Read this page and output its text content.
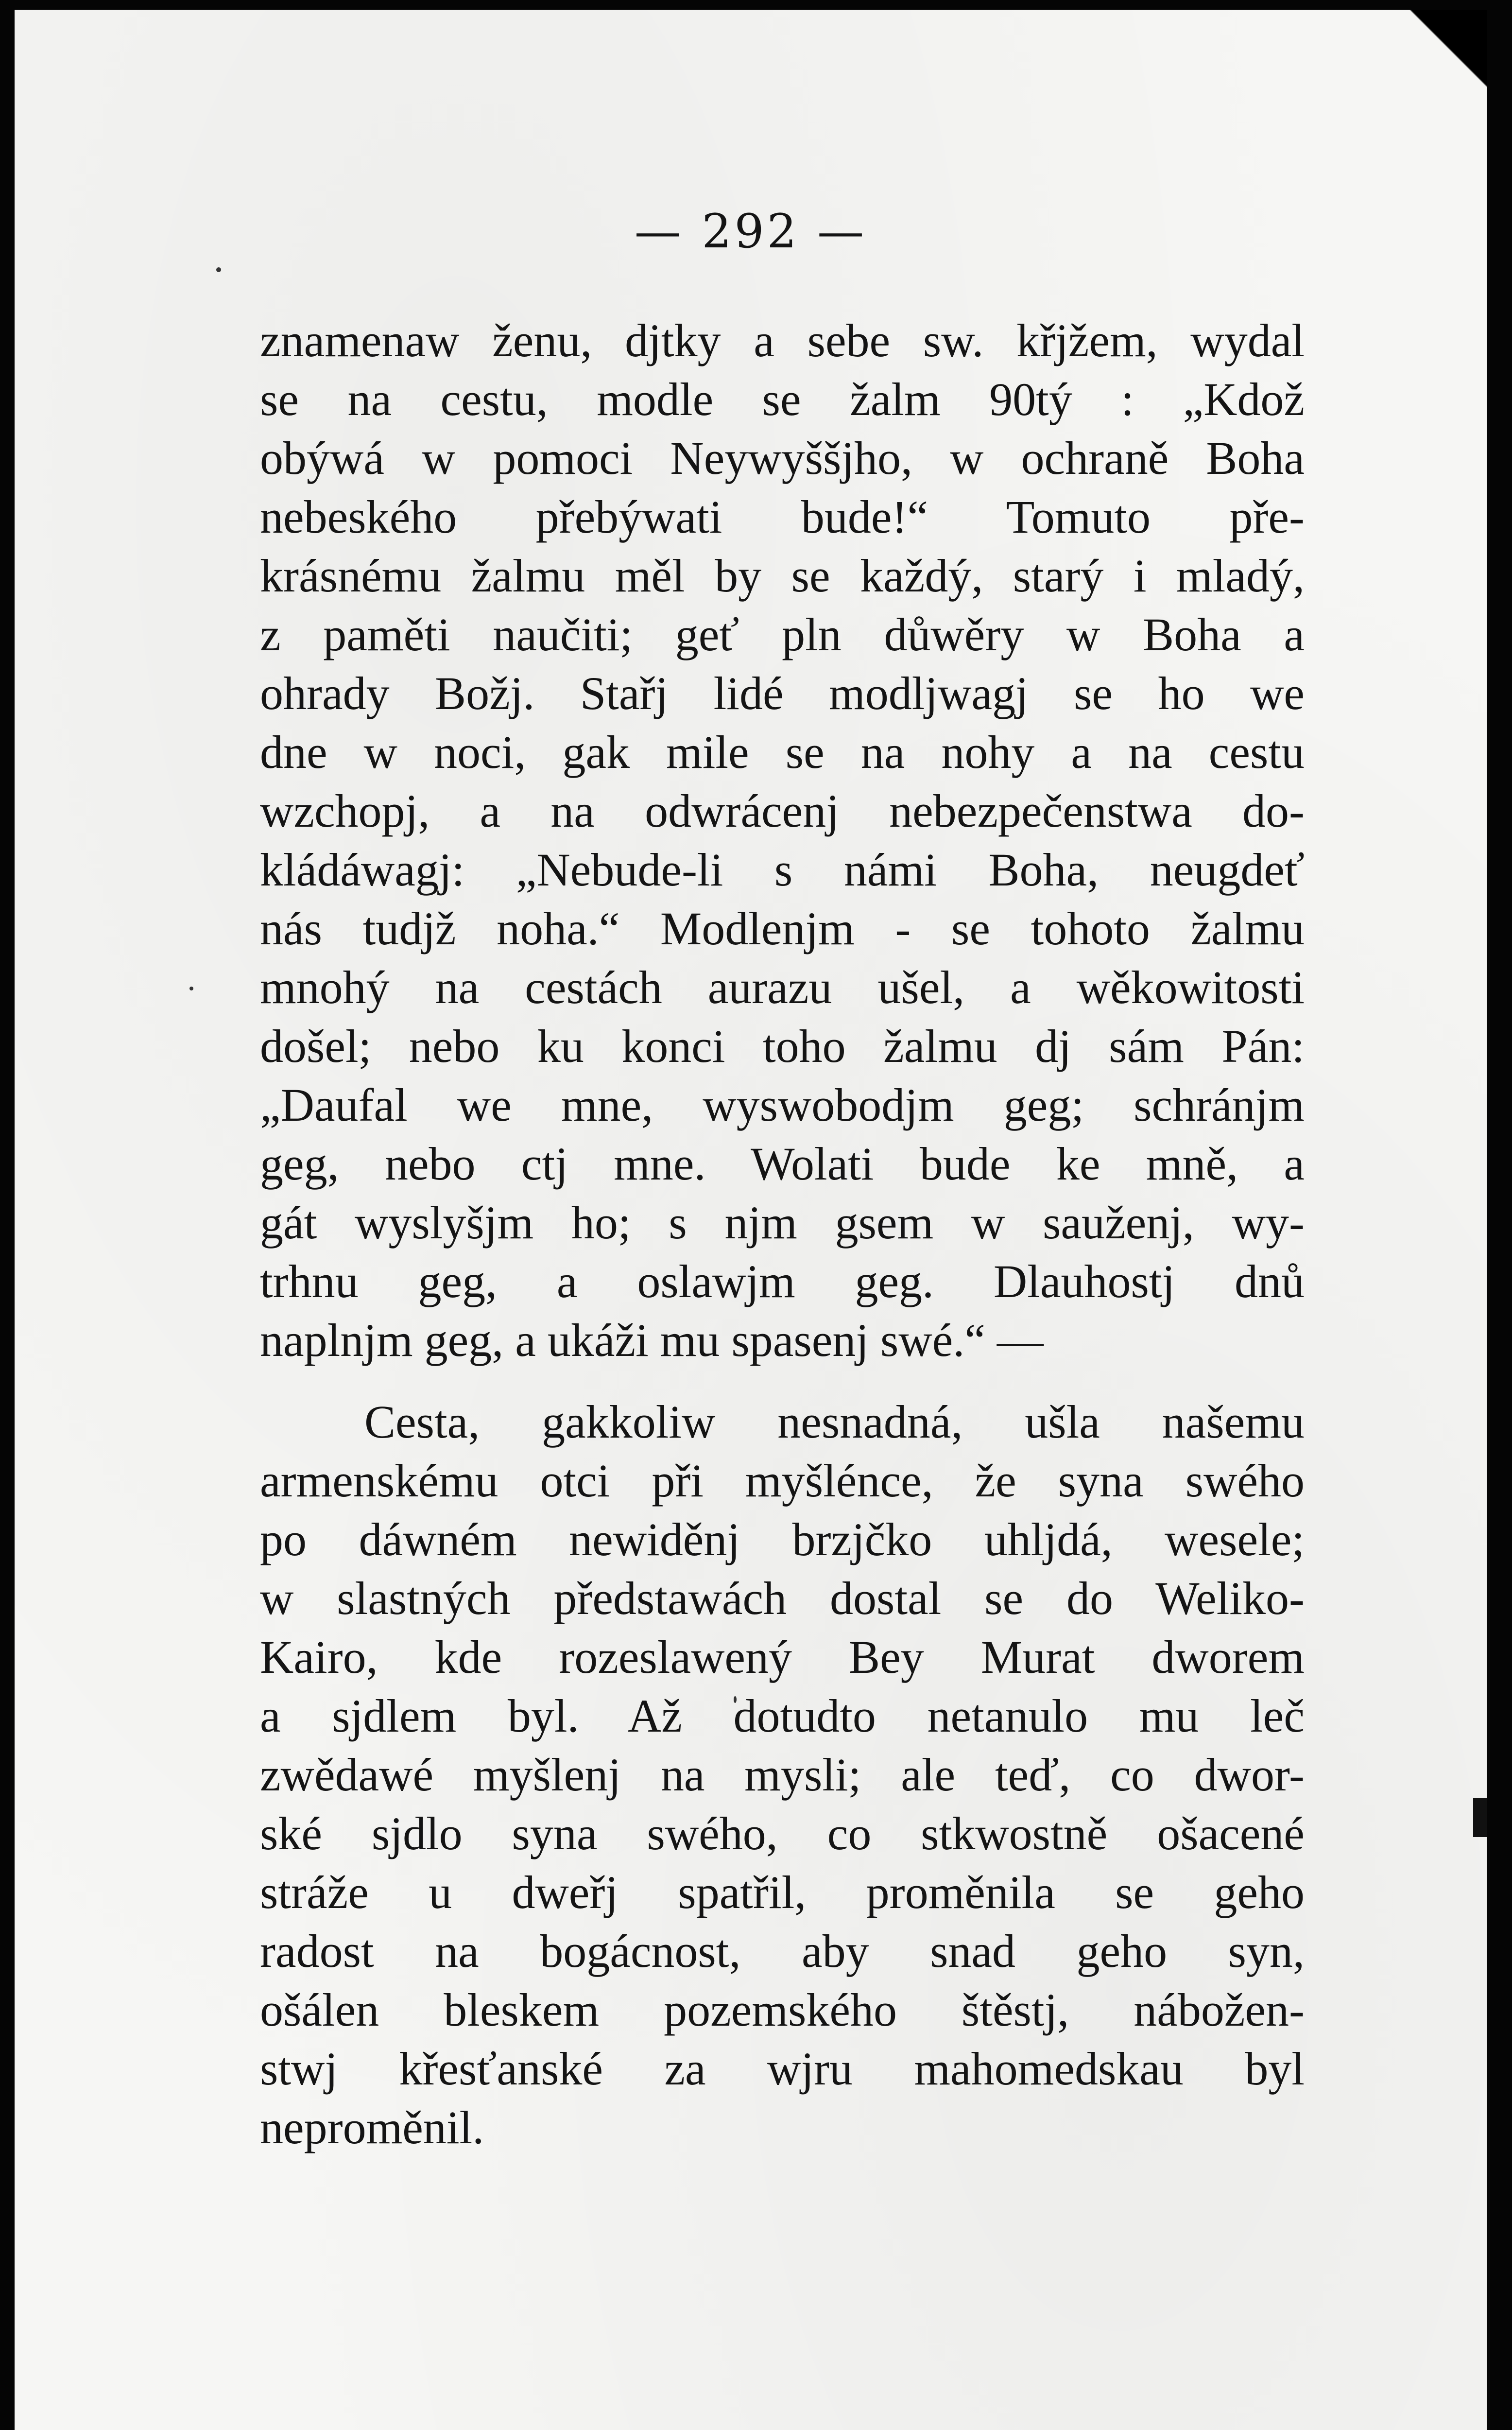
— 292 —
znamenaw ženu, djtky a sebe sw. křjžem, wydal
se na cestu, modle se žalm 90tý : „Kdož
obýwá w pomoci Neywyššjho, w ochraně Boha
nebeského přebýwati bude!“ Tomuto pře-
krásnému žalmu měl by se každý, starý i mladý,
z paměti naučiti; geť pln důwěry w Boha a
ohrady Božj. Stařj lidé modljwagj se ho we
dne w noci, gak mile se na nohy a na cestu
wzchopj, a na odwrácenj nebezpečenstwa do-
kládáwagj: „Nebude-li s námi Boha, neugdeť
nás tudjž noha.“ Modlenjm - se tohoto žalmu
mnohý na cestách aurazu ušel, a wěkowitosti
došel; nebo ku konci toho žalmu dj sám Pán:
„Daufal we mne, wyswobodjm geg; schránjm
geg, nebo ctj mne. Wolati bude ke mně, a
gát wyslyšjm ho; s njm gsem w sauženj, wy-
trhnu geg, a oslawjm geg. Dlauhostj dnů
naplnjm geg, a ukáži mu spasenj swé.“ —
Cesta, gakkoliw nesnadná, ušla našemu
armenskému otci při myšlénce, že syna swého
po dáwném newiděnj brzjčko uhljdá, wesele;
w slastných předstawách dostal se do Weliko-
Kairo, kde rozeslawený Bey Murat dworem
a sjdlem byl. Až dotudto netanulo mu leč
zwědawé myšlenj na mysli; ale teď, co dwor-
ské sjdlo syna swého, co stkwostně ošacené
stráže u dweřj spatřil, proměnila se geho
radost na bogácnost, aby snad geho syn,
ošálen bleskem pozemského štěstj, nábožen-
stwj křesťanské za wjru mahomedskau byl
neproměnil.
